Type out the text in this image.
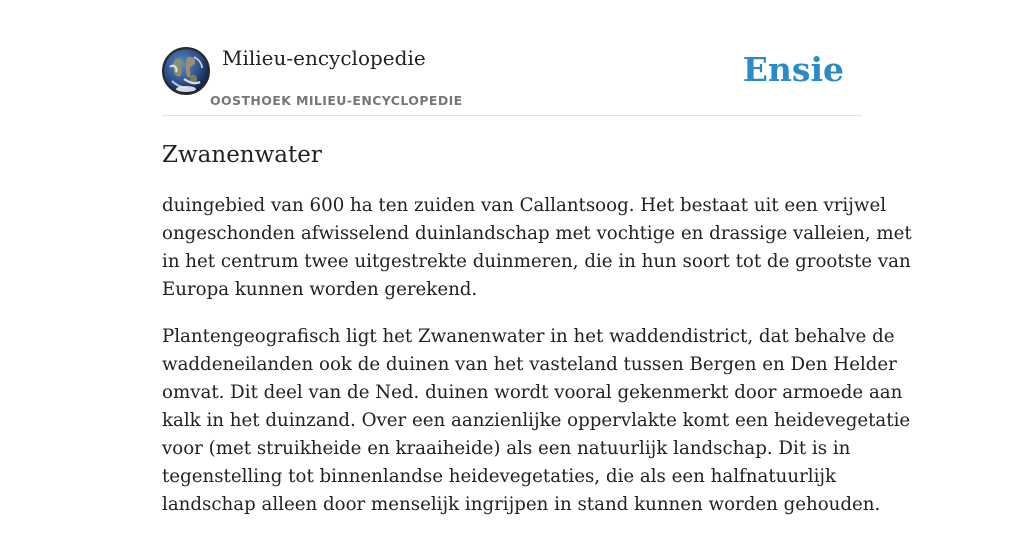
Milieu-encyclopedie
OOSTHOEK MILIEU-ENCYCLOPEDIE
Ensie
Zwanenwater

duingebied van 600 ha ten zuiden van Callantsoog. Het bestaat uit een vrijwel
ongeschonden afwisselend duinlandschap met vochtige en drassige valleien, met
in het centrum twee uitgestrekte duinmeren, die in hun soort tot de grootste van
Europa kunnen worden gerekend.

Plantengeografisch ligt het Zwanenwater in het waddendistrict, dat behalve de
waddeneilanden ook de duinen van het vasteland tussen Bergen en Den Helder
omvat. Dit deel van de Ned. duinen wordt vooral gekenmerkt door armoede aan
kalk in het duinzand. Over een aanzienlijke oppervlakte komt een heidevegetatie
voor (met struikheide en kraaiheide) als een natuurlijk landschap. Dit is in
tegenstelling tot binnenlandse heidevegetaties, die als een halfnatuurlijk
landschap alleen door menselijk ingrijpen in stand kunnen worden gehouden.
